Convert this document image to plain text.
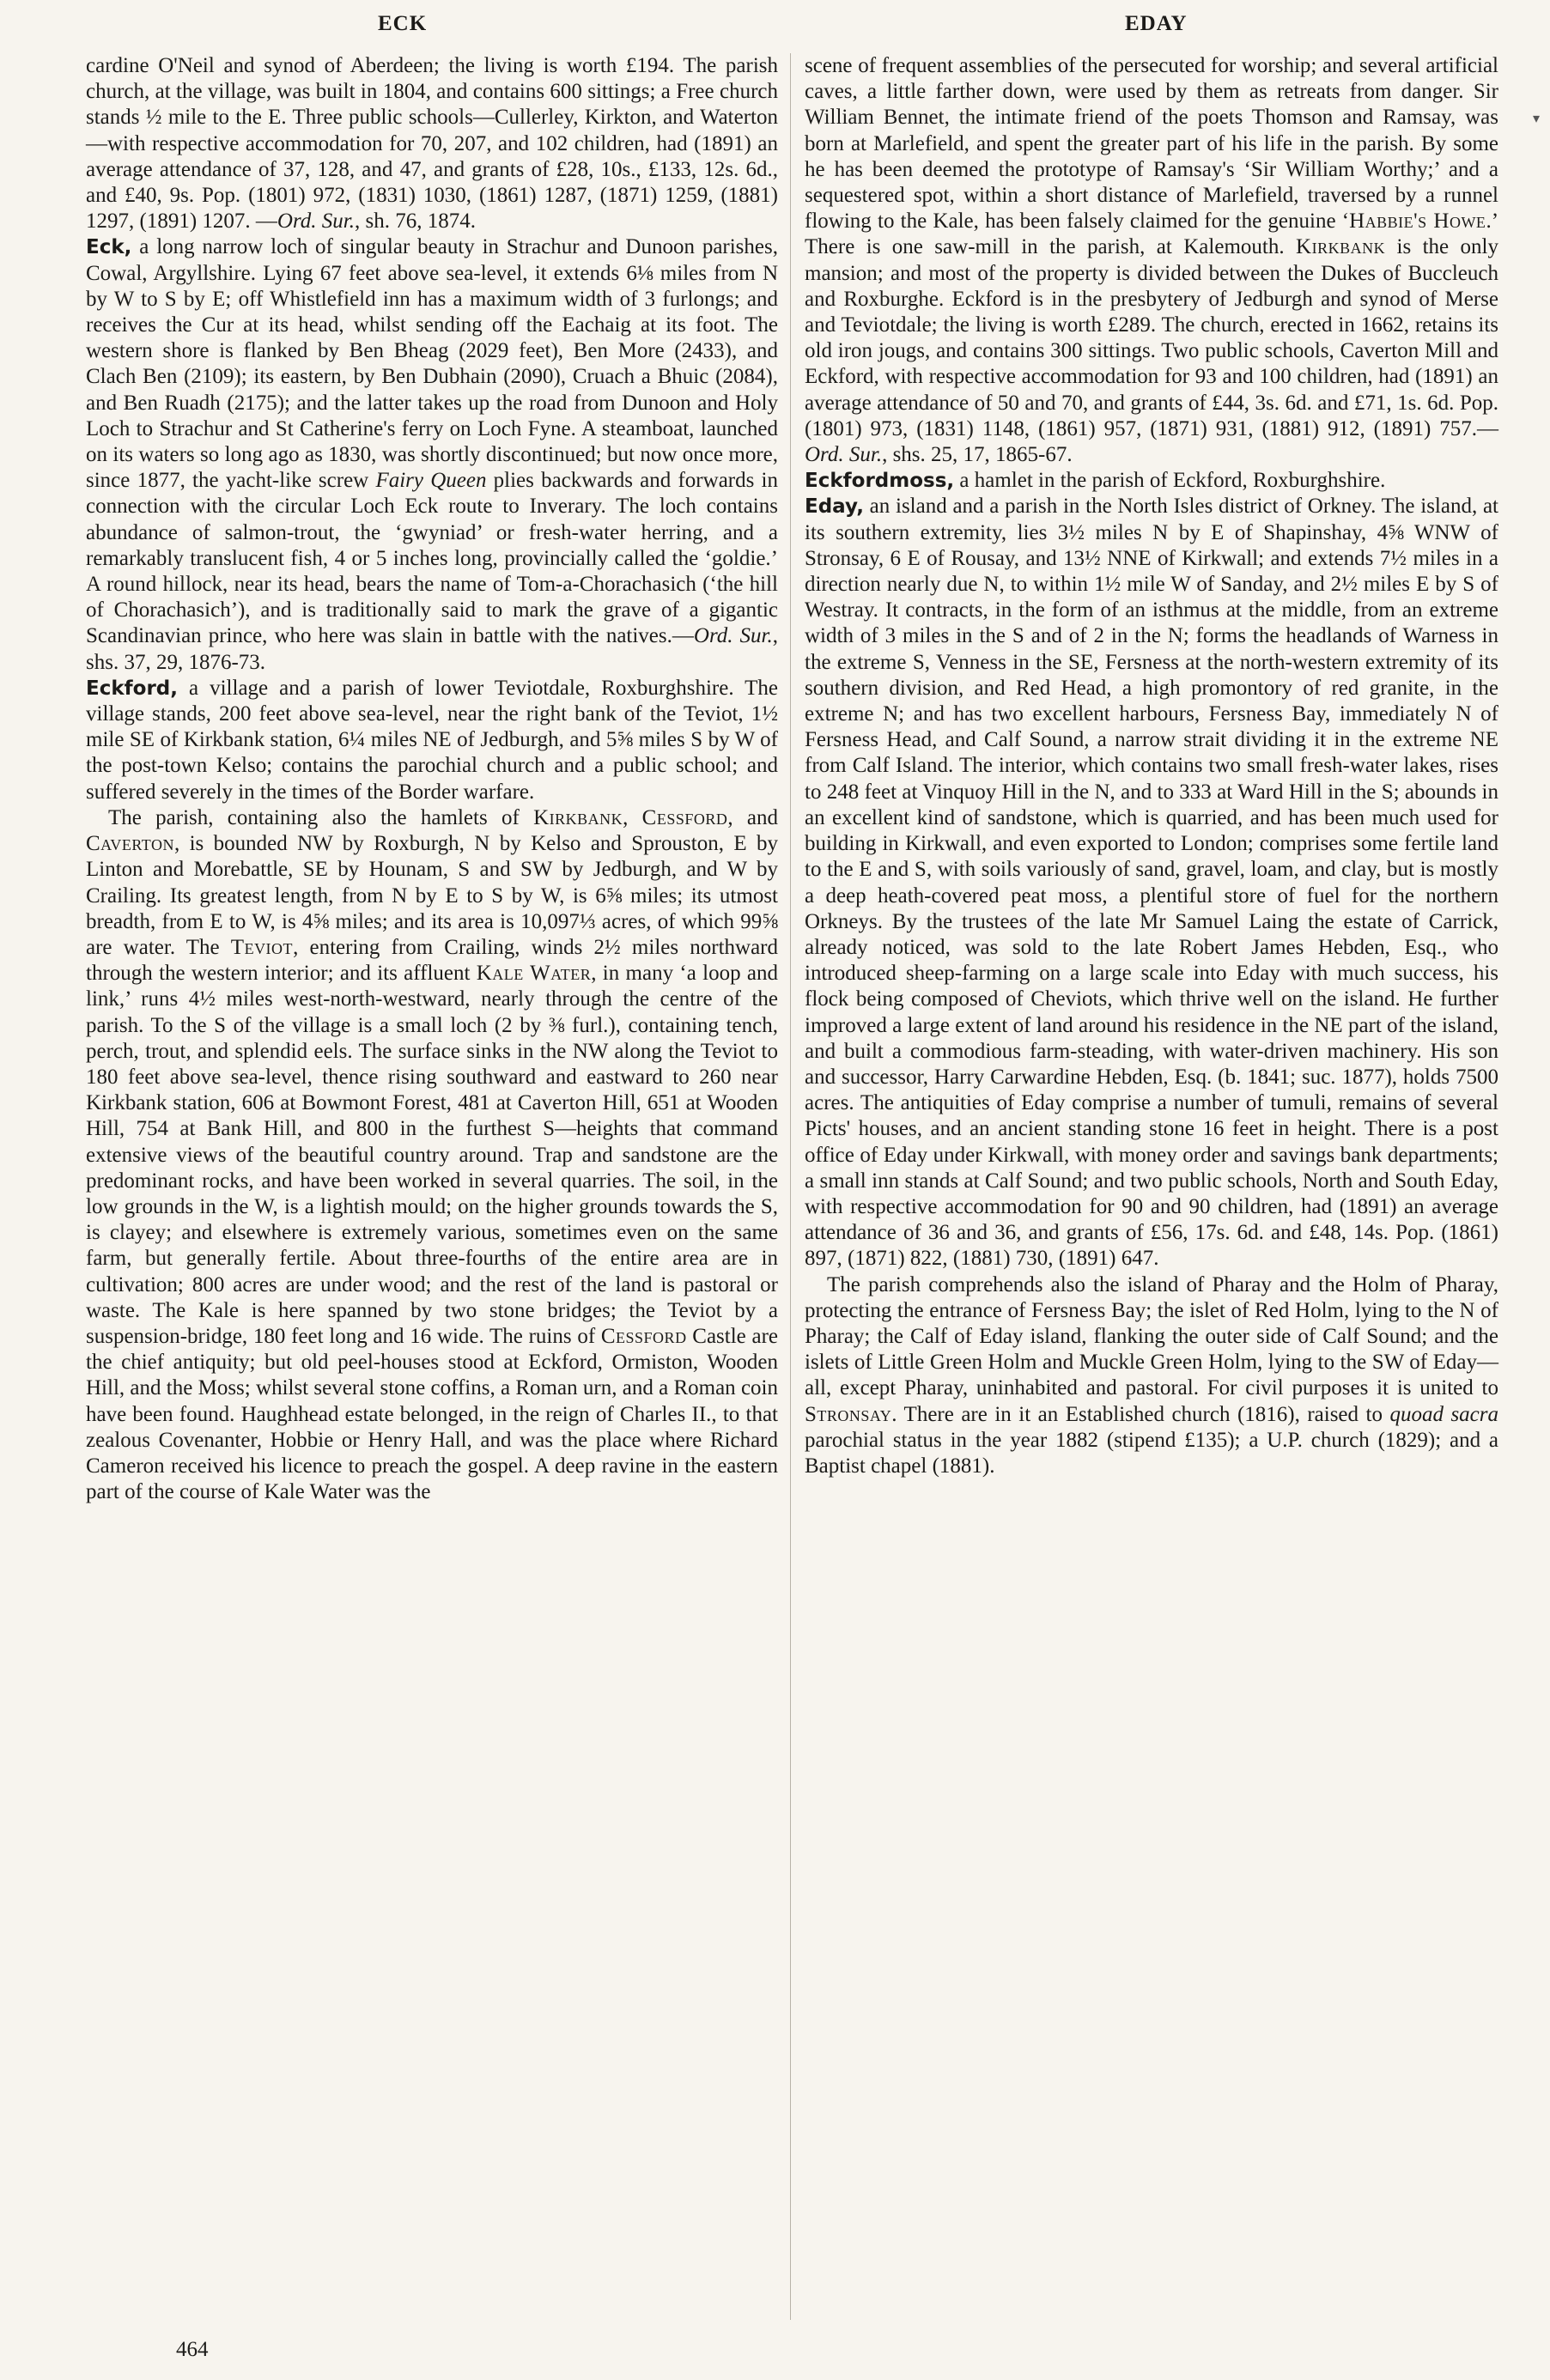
ECK	EDAY

cardine O'Neil and synod of Aberdeen; the living is worth £194. The parish church, at the village, was built in 1804, and contains 600 sittings; a Free church stands ½ mile to the E. Three public schools—Cullerley, Kirkton, and Waterton—with respective accommodation for 70, 207, and 102 children, had (1891) an average attendance of 37, 128, and 47, and grants of £28, 10s., £133, 12s. 6d., and £40, 9s. Pop. (1801) 972, (1831) 1030, (1861) 1287, (1871) 1259, (1881) 1297, (1891) 1207. —Ord. Sur., sh. 76, 1874.

Eck, a long narrow loch of singular beauty in Strachur and Dunoon parishes, Cowal, Argyllshire. Lying 67 feet above sea-level, it extends 6⅛ miles from N by W to S by E; off Whistlefield inn has a maximum width of 3 furlongs; and receives the Cur at its head, whilst sending off the Eachaig at its foot. The western shore is flanked by Ben Bheag (2029 feet), Ben More (2433), and Clach Ben (2109); its eastern, by Ben Dubhain (2090), Cruach a Bhuic (2084), and Ben Ruadh (2175); and the latter takes up the road from Dunoon and Holy Loch to Strachur and St Catherine's ferry on Loch Fyne. A steamboat, launched on its waters so long ago as 1830, was shortly discontinued; but now once more, since 1877, the yacht-like screw Fairy Queen plies backwards and forwards in connection with the circular Loch Eck route to Inverary. The loch contains abundance of salmon-trout, the ‘gwyniad’ or fresh-water herring, and a remarkably translucent fish, 4 or 5 inches long, provincially called the ‘goldie.’ A round hillock, near its head, bears the name of Tom-a-Chorachasich (‘the hill of Chorachasich’), and is traditionally said to mark the grave of a gigantic Scandinavian prince, who here was slain in battle with the natives.—Ord. Sur., shs. 37, 29, 1876-73.

Eckford, a village and a parish of lower Teviotdale, Roxburghshire. The village stands, 200 feet above sea-level, near the right bank of the Teviot, 1½ mile SE of Kirkbank station, 6¼ miles NE of Jedburgh, and 5⅝ miles S by W of the post-town Kelso; contains the parochial church and a public school; and suffered severely in the times of the Border warfare.

The parish, containing also the hamlets of Kirkbank, Cessford, and Caverton, is bounded NW by Roxburgh, N by Kelso and Sprouston, E by Linton and Morebattle, SE by Hounam, S and SW by Jedburgh, and W by Crailing. Its greatest length, from N by E to S by W, is 6⅝ miles; its utmost breadth, from E to W, is 4⅝ miles; and its area is 10,097⅓ acres, of which 99⅝ are water. The Teviot, entering from Crailing, winds 2½ miles northward through the western interior; and its affluent Kale Water, in many ‘a loop and link,’ runs 4½ miles west-north-westward, nearly through the centre of the parish. To the S of the village is a small loch (2 by ⅜ furl.), containing tench, perch, trout, and splendid eels. The surface sinks in the NW along the Teviot to 180 feet above sea-level, thence rising southward and eastward to 260 near Kirkbank station, 606 at Bowmont Forest, 481 at Caverton Hill, 651 at Wooden Hill, 754 at Bank Hill, and 800 in the furthest S—heights that command extensive views of the beautiful country around. Trap and sandstone are the predominant rocks, and have been worked in several quarries. The soil, in the low grounds in the W, is a lightish mould; on the higher grounds towards the S, is clayey; and elsewhere is extremely various, sometimes even on the same farm, but generally fertile. About three-fourths of the entire area are in cultivation; 800 acres are under wood; and the rest of the land is pastoral or waste. The Kale is here spanned by two stone bridges; the Teviot by a suspension-bridge, 180 feet long and 16 wide. The ruins of Cessford Castle are the chief antiquity; but old peel-houses stood at Eckford, Ormiston, Wooden Hill, and the Moss; whilst several stone coffins, a Roman urn, and a Roman coin have been found. Haughhead estate belonged, in the reign of Charles II., to that zealous Covenanter, Hobbie or Henry Hall, and was the place where Richard Cameron received his licence to preach the gospel. A deep ravine in the eastern part of the course of Kale Water was the

scene of frequent assemblies of the persecuted for worship; and several artificial caves, a little farther down, were used by them as retreats from danger. Sir William Bennet, the intimate friend of the poets Thomson and Ramsay, was born at Marlefield, and spent the greater part of his life in the parish. By some he has been deemed the prototype of Ramsay's ‘Sir William Worthy;’ and a sequestered spot, within a short distance of Marlefield, traversed by a runnel flowing to the Kale, has been falsely claimed for the genuine ‘Habbie's Howe.’ There is one saw-mill in the parish, at Kalemouth. Kirkbank is the only mansion; and most of the property is divided between the Dukes of Buccleuch and Roxburghe. Eckford is in the presbytery of Jedburgh and synod of Merse and Teviotdale; the living is worth £289. The church, erected in 1662, retains its old iron jougs, and contains 300 sittings. Two public schools, Caverton Mill and Eckford, with respective accommodation for 93 and 100 children, had (1891) an average attendance of 50 and 70, and grants of £44, 3s. 6d. and £71, 1s. 6d. Pop. (1801) 973, (1831) 1148, (1861) 957, (1871) 931, (1881) 912, (1891) 757.—Ord. Sur., shs. 25, 17, 1865-67.

Eckfordmoss, a hamlet in the parish of Eckford, Roxburghshire.

Eday, an island and a parish in the North Isles district of Orkney. The island, at its southern extremity, lies 3½ miles N by E of Shapinshay, 4⅝ WNW of Stronsay, 6 E of Rousay, and 13½ NNE of Kirkwall; and extends 7½ miles in a direction nearly due N, to within 1½ mile W of Sanday, and 2½ miles E by S of Westray. It contracts, in the form of an isthmus at the middle, from an extreme width of 3 miles in the S and of 2 in the N; forms the headlands of Warness in the extreme S, Venness in the SE, Fersness at the north-western extremity of its southern division, and Red Head, a high promontory of red granite, in the extreme N; and has two excellent harbours, Fersness Bay, immediately N of Fersness Head, and Calf Sound, a narrow strait dividing it in the extreme NE from Calf Island. The interior, which contains two small fresh-water lakes, rises to 248 feet at Vinquoy Hill in the N, and to 333 at Ward Hill in the S; abounds in an excellent kind of sandstone, which is quarried, and has been much used for building in Kirkwall, and even exported to London; comprises some fertile land to the E and S, with soils variously of sand, gravel, loam, and clay, but is mostly a deep heath-covered peat moss, a plentiful store of fuel for the northern Orkneys. By the trustees of the late Mr Samuel Laing the estate of Carrick, already noticed, was sold to the late Robert James Hebden, Esq., who introduced sheep-farming on a large scale into Eday with much success, his flock being composed of Cheviots, which thrive well on the island. He further improved a large extent of land around his residence in the NE part of the island, and built a commodious farm-steading, with water-driven machinery. His son and successor, Harry Carwardine Hebden, Esq. (b. 1841; suc. 1877), holds 7500 acres. The antiquities of Eday comprise a number of tumuli, remains of several Picts' houses, and an ancient standing stone 16 feet in height. There is a post office of Eday under Kirkwall, with money order and savings bank departments; a small inn stands at Calf Sound; and two public schools, North and South Eday, with respective accommodation for 90 and 90 children, had (1891) an average attendance of 36 and 36, and grants of £56, 17s. 6d. and £48, 14s. Pop. (1861) 897, (1871) 822, (1881) 730, (1891) 647.

The parish comprehends also the island of Pharay and the Holm of Pharay, protecting the entrance of Fersness Bay; the islet of Red Holm, lying to the N of Pharay; the Calf of Eday island, flanking the outer side of Calf Sound; and the islets of Little Green Holm and Muckle Green Holm, lying to the SW of Eday—all, except Pharay, uninhabited and pastoral. For civil purposes it is united to Stronsay. There are in it an Established church (1816), raised to quoad sacra parochial status in the year 1882 (stipend £135); a U.P. church (1829); and a Baptist chapel (1881).

▾
464
